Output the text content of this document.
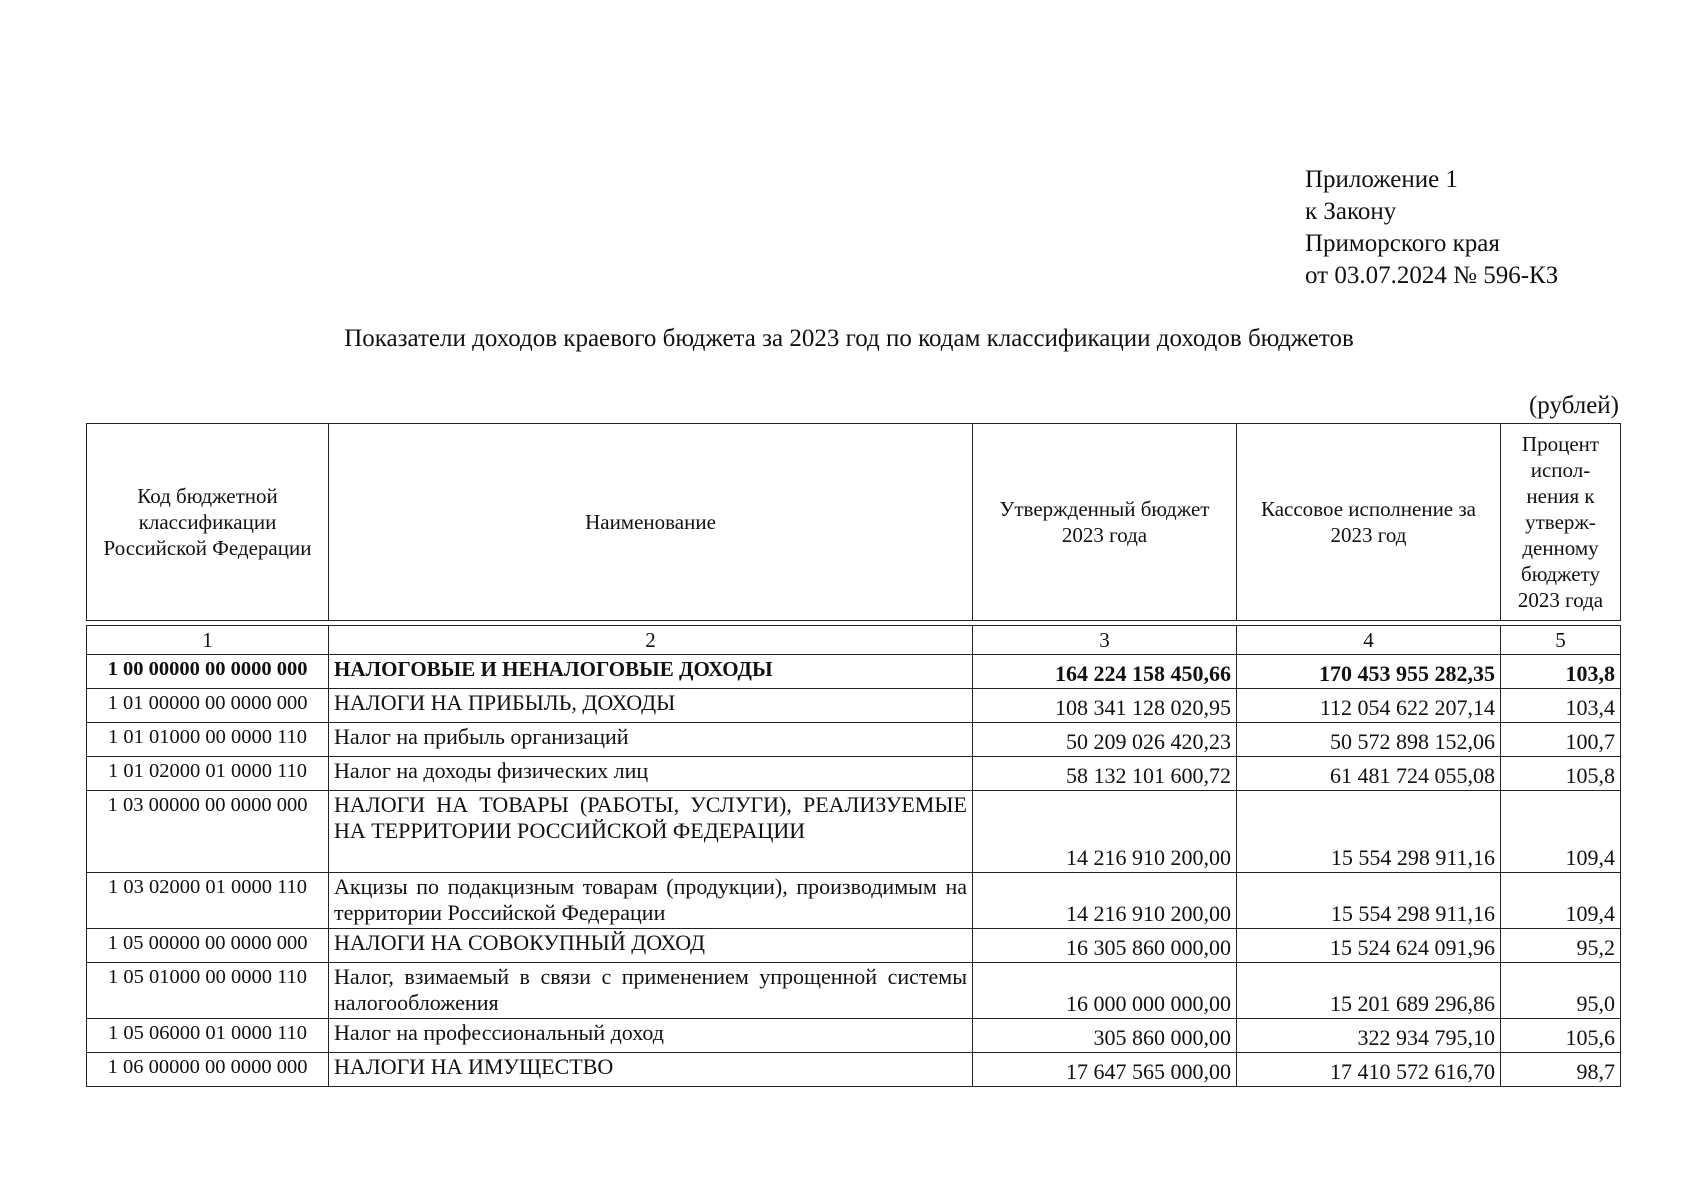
Приложение 1
к Закону
Приморского края
от 03.07.2024 № 596-КЗ
Показатели доходов краевого бюджета за 2023 год по кодам классификации доходов бюджетов
(рублей)
Код бюджетной классификации Российской Федерации	Наименование	Утвержденный бюджет 2023 года	Кассовое исполнение за 2023 год	Процент испол-нения к утверж-денному бюджету 2023 года

1	2	3	4	5
1 00 00000 00 0000 000	НАЛОГОВЫЕ И НЕНАЛОГОВЫЕ ДОХОДЫ	164 224 158 450,66	170 453 955 282,35	103,8
1 01 00000 00 0000 000	НАЛОГИ НА ПРИБЫЛЬ, ДОХОДЫ	108 341 128 020,95	112 054 622 207,14	103,4
1 01 01000 00 0000 110	Налог на прибыль организаций	50 209 026 420,23	50 572 898 152,06	100,7
1 01 02000 01 0000 110	Налог на доходы физических лиц	58 132 101 600,72	61 481 724 055,08	105,8
1 03 00000 00 0000 000	НАЛОГИ НА ТОВАРЫ (РАБОТЫ, УСЛУГИ), РЕАЛИЗУЕМЫЕ НА ТЕРРИТОРИИ РОССИЙСКОЙ ФЕДЕРАЦИИ	14 216 910 200,00	15 554 298 911,16	109,4
1 03 02000 01 0000 110	Акцизы по подакцизным товарам (продукции), производимым на территории Российской Федерации	14 216 910 200,00	15 554 298 911,16	109,4
1 05 00000 00 0000 000	НАЛОГИ НА СОВОКУПНЫЙ ДОХОД	16 305 860 000,00	15 524 624 091,96	95,2
1 05 01000 00 0000 110	Налог, взимаемый в связи с применением упрощенной системы налогообложения	16 000 000 000,00	15 201 689 296,86	95,0
1 05 06000 01 0000 110	Налог на профессиональный доход	305 860 000,00	322 934 795,10	105,6
1 06 00000 00 0000 000	НАЛОГИ НА ИМУЩЕСТВО	17 647 565 000,00	17 410 572 616,70	98,7
